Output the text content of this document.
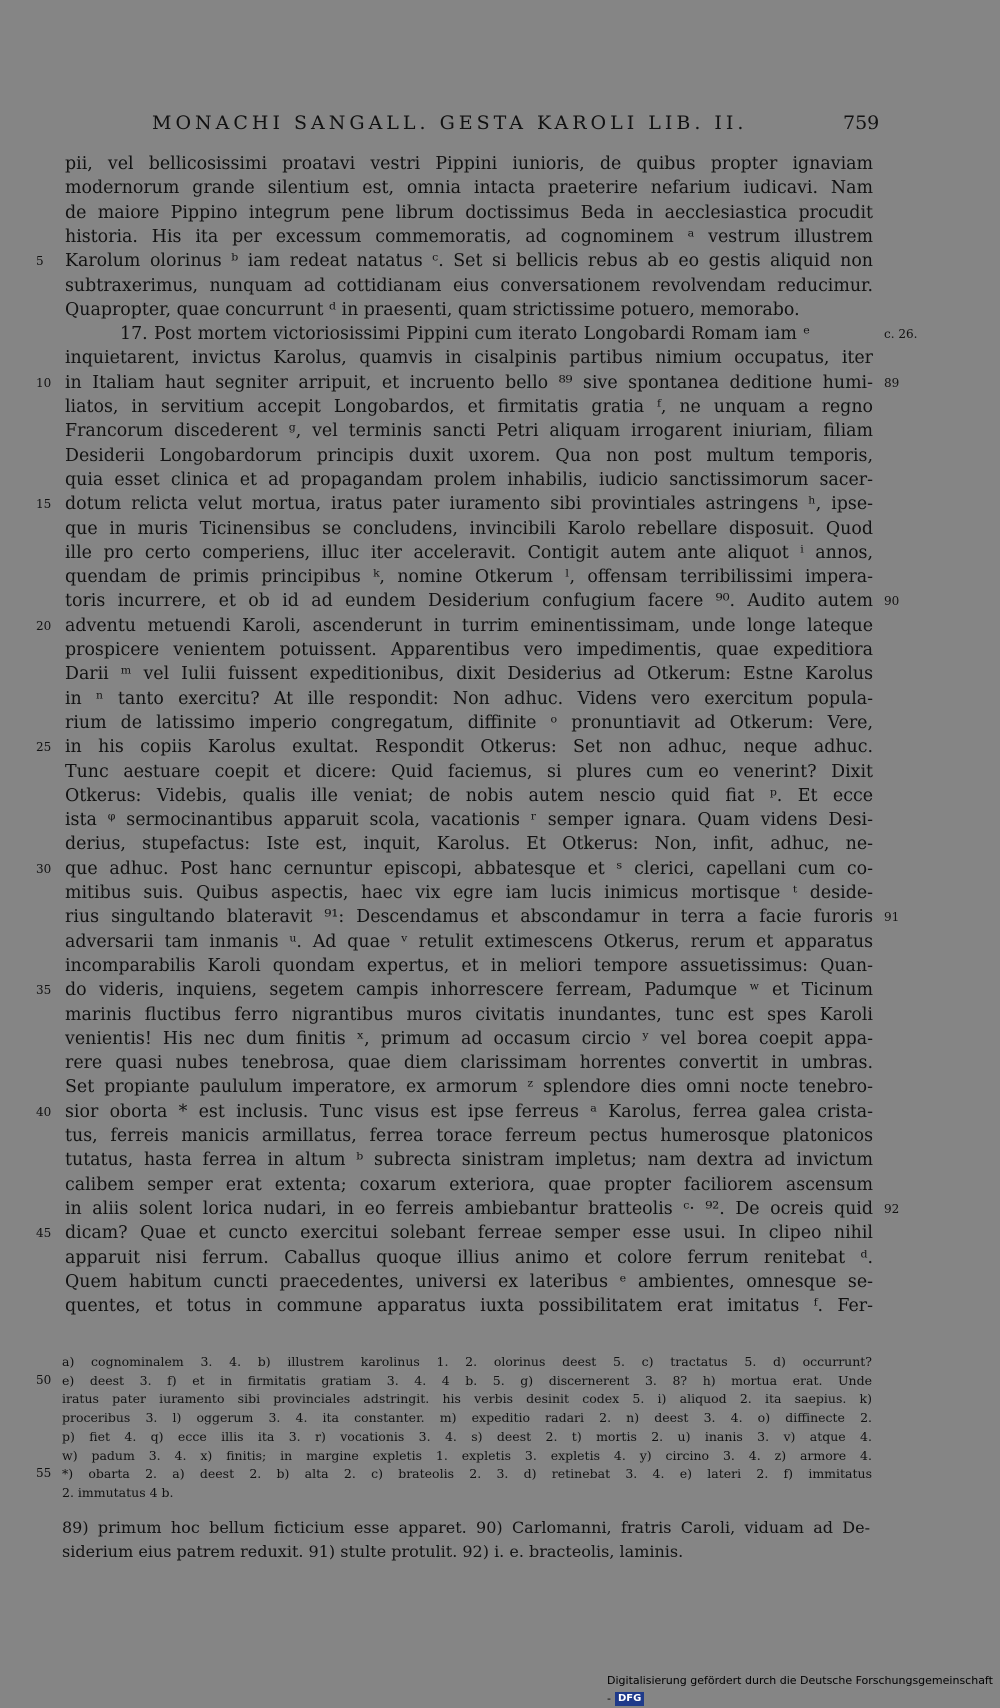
MONACHI SANGALL. GESTA KAROLI LIB. II.	759
pii, vel bellicosissimi proatavi vestri Pippini iunioris, de quibus propter ignaviam
modernorum grande silentium est, omnia intacta praeterire nefarium iudicavi. Nam
de maiore Pippino integrum pene librum doctissimus Beda in aecclesiastica procudit
historia. His ita per excessum commemoratis, ad cognominem ᵃ vestrum illustrem
Karolum olorinus ᵇ iam redeat natatus ᶜ. Set si bellicis rebus ab eo gestis aliquid non
5
subtraxerimus, nunquam ad cottidianam eius conversationem revolvendam reducimur.
Quapropter, quae concurrunt ᵈ in praesenti, quam strictissime potuero, memorabo.
17. Post mortem victoriosissimi Pippini cum iterato Longobardi Romam iam ᵉ	c. 26.
inquietarent, invictus Karolus, quamvis in cisalpinis partibus nimium occupatus, iter
in Italiam haut segniter arripuit, et incruento bello ⁸⁹ sive spontanea deditione humi-
10	89
liatos, in servitium accepit Longobardos, et firmitatis gratia ᶠ, ne unquam a regno
Francorum discederent ᵍ, vel terminis sancti Petri aliquam irrogarent iniuriam, filiam
Desiderii Longobardorum principis duxit uxorem. Qua non post multum temporis,
quia esset clinica et ad propagandam prolem inhabilis, iudicio sanctissimorum sacer-
dotum relicta velut mortua, iratus pater iuramento sibi provintiales astringens ʰ, ipse-
15
que in muris Ticinensibus se concludens, invincibili Karolo rebellare disposuit. Quod
ille pro certo comperiens, illuc iter acceleravit. Contigit autem ante aliquot ⁱ annos,
quendam de primis principibus ᵏ, nomine Otkerum ˡ, offensam terribilissimi impera-
toris incurrere, et ob id ad eundem Desiderium confugium facere ⁹⁰. Audito autem 90
adventu metuendi Karoli, ascenderunt in turrim eminentissimam, unde longe lateque
20
prospicere venientem potuissent. Apparentibus vero impedimentis, quae expeditiora
Darii ᵐ vel Iulii fuissent expeditionibus, dixit Desiderius ad Otkerum: Estne Karolus
in ⁿ tanto exercitu? At ille respondit: Non adhuc. Videns vero exercitum popula-
rium de latissimo imperio congregatum, diffinite ᵒ pronuntiavit ad Otkerum: Vere,
in his copiis Karolus exultat. Respondit Otkerus: Set non adhuc, neque adhuc.
25
Tunc aestuare coepit et dicere: Quid faciemus, si plures cum eo venerint? Dixit
Otkerus: Videbis, qualis ille veniat; de nobis autem nescio quid fiat ᵖ. Et ecce
ista ᵠ sermocinantibus apparuit scola, vacationis ʳ semper ignara. Quam videns Desi-
derius, stupefactus: Iste est, inquit, Karolus. Et Otkerus: Non, infit, adhuc, ne-
que adhuc. Post hanc cernuntur episcopi, abbatesque et ˢ clerici, capellani cum co-
30
mitibus suis. Quibus aspectis, haec vix egre iam lucis inimicus mortisque ᵗ deside-
rius singultando blateravit ⁹¹: Descendamus et abscondamur in terra a facie furoris 91
adversarii tam inmanis ᵘ. Ad quae ᵛ retulit extimescens Otkerus, rerum et apparatus
incomparabilis Karoli quondam expertus, et in meliori tempore assuetissimus: Quan-
do videris, inquiens, segetem campis inhorrescere ferream, Padumque ʷ et Ticinum
35
marinis fluctibus ferro nigrantibus muros civitatis inundantes, tunc est spes Karoli
venientis! His nec dum finitis ˣ, primum ad occasum circio ʸ vel borea coepit appa-
rere quasi nubes tenebrosa, quae diem clarissimam horrentes convertit in umbras.
Set propiante paululum imperatore, ex armorum ᶻ splendore dies omni nocte tenebro-
sior oborta * est inclusis. Tunc visus est ipse ferreus ᵃ Karolus, ferrea galea crista-
40
tus, ferreis manicis armillatus, ferrea torace ferreum pectus humerosque platonicos
tutatus, hasta ferrea in altum ᵇ subrecta sinistram impletus; nam dextra ad invictum
calibem semper erat extenta; coxarum exteriora, quae propter faciliorem ascensum
in aliis solent lorica nudari, in eo ferreis ambiebantur bratteolis ᶜ· ⁹². De ocreis quid 92
dicam? Quae et cuncto exercitui solebant ferreae semper esse usui. In clipeo nihil
45
apparuit nisi ferrum. Caballus quoque illius animo et colore ferrum renitebat ᵈ.
Quem habitum cuncti praecedentes, universi ex lateribus ᵉ ambientes, omnesque se-
quentes, et totus in commune apparatus iuxta possibilitatem erat imitatus ᶠ. Fer-
a) cognominalem 3. 4. b) illustrem karolinus 1. 2. olorinus deest 5. c) tractatus 5. d) occurrunt?
e) deest 3. f) et in firmitatis gratiam 3. 4. 4 b. 5. g) discernerent 3. 8? h) mortua erat. Unde
50
iratus pater iuramento sibi provinciales adstringit. his verbis desinit codex 5. i) aliquod 2. ita saepius. k)
proceribus 3. l) oggerum 3. 4. ita constanter. m) expeditio radari 2. n) deest 3. 4. o) diffinecte 2.
p) fiet 4. q) ecce illis ita 3. r) vocationis 3. 4. s) deest 2. t) mortis 2. u) inanis 3. v) atque 4.
w) padum 3. 4. x) finitis; in margine expletis 1. expletis 3. expletis 4. y) circino 3. 4. z) armore 4.
*) obarta 2. a) deest 2. b) alta 2. c) brateolis 2. 3. d) retinebat 3. 4. e) lateri 2. f) immitatus
55
2. immutatus 4 b.
89) primum hoc bellum ficticium esse apparet. 90) Carlomanni, fratris Caroli, viduam ad De-
siderium eius patrem reduxit. 91) stulte protulit. 92) i. e. bracteolis, laminis.
Digitalisierung gefördert durch die Deutsche Forschungsgemeinschaft - DFG
